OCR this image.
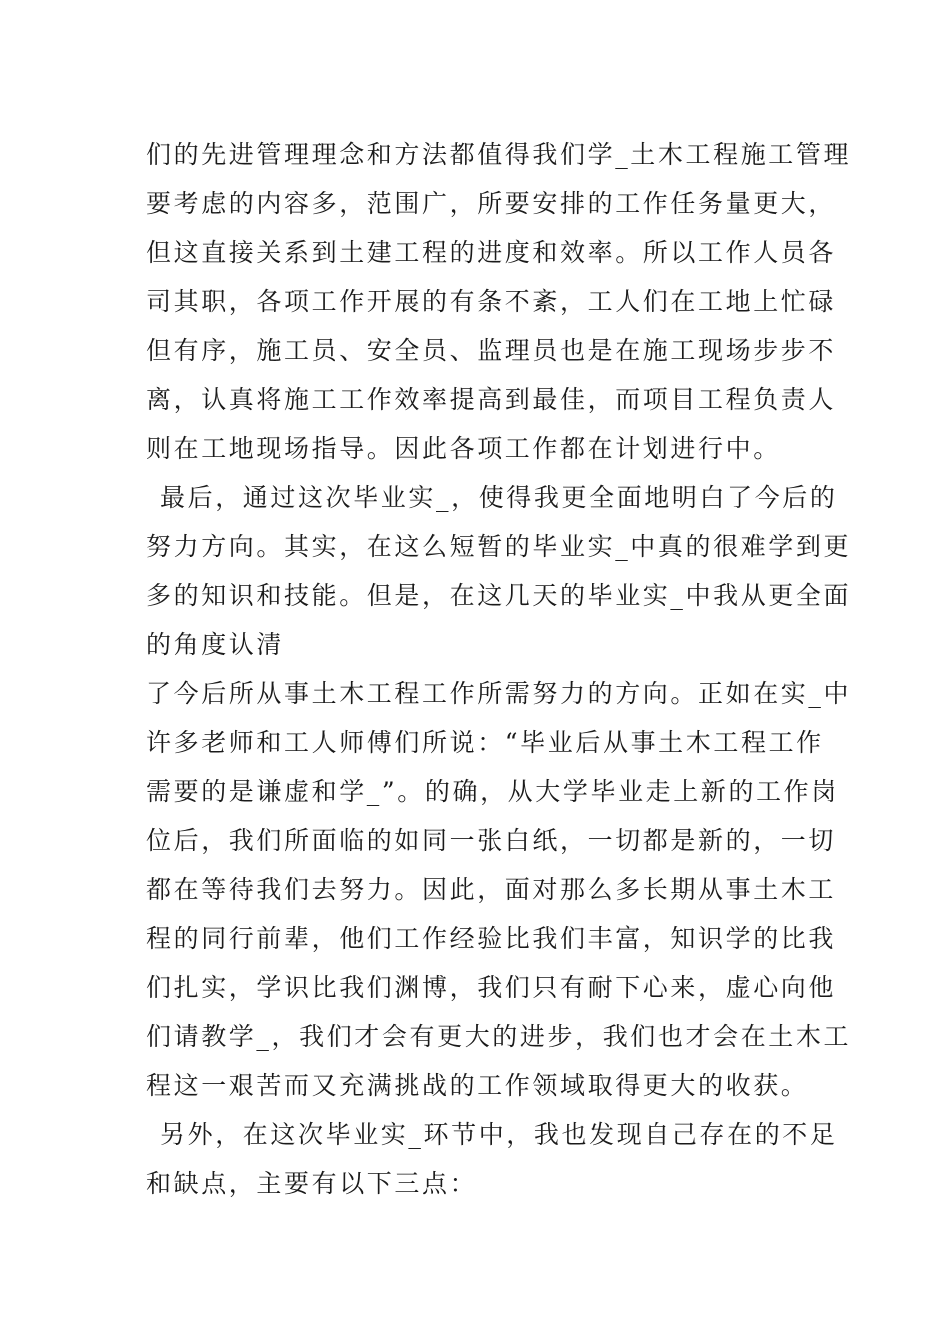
们的先进管理理念和方法都值得我们学_土木工程施工管理
要考虑的内容多，范围广，所要安排的工作任务量更大，
但这直接关系到土建工程的进度和效率。所以工作人员各
司其职，各项工作开展的有条不紊，工人们在工地上忙碌
但有序，施工员、安全员、监理员也是在施工现场步步不
离，认真将施工工作效率提高到最佳，而项目工程负责人
则在工地现场指导。因此各项工作都在计划进行中。
最后，通过这次毕业实_，使得我更全面地明白了今后的
努力方向。其实，在这么短暂的毕业实_中真的很难学到更
多的知识和技能。但是，在这几天的毕业实_中我从更全面
的角度认清
了今后所从事土木工程工作所需努力的方向。正如在实_中
许多老师和工人师傅们所说：“毕业后从事土木工程工作
需要的是谦虚和学_”。的确，从大学毕业走上新的工作岗
位后，我们所面临的如同一张白纸，一切都是新的，一切
都在等待我们去努力。因此，面对那么多长期从事土木工
程的同行前辈，他们工作经验比我们丰富，知识学的比我
们扎实，学识比我们渊博，我们只有耐下心来，虚心向他
们请教学_，我们才会有更大的进步，我们也才会在土木工
程这一艰苦而又充满挑战的工作领域取得更大的收获。
另外，在这次毕业实_环节中，我也发现自己存在的不足
和缺点，主要有以下三点：
